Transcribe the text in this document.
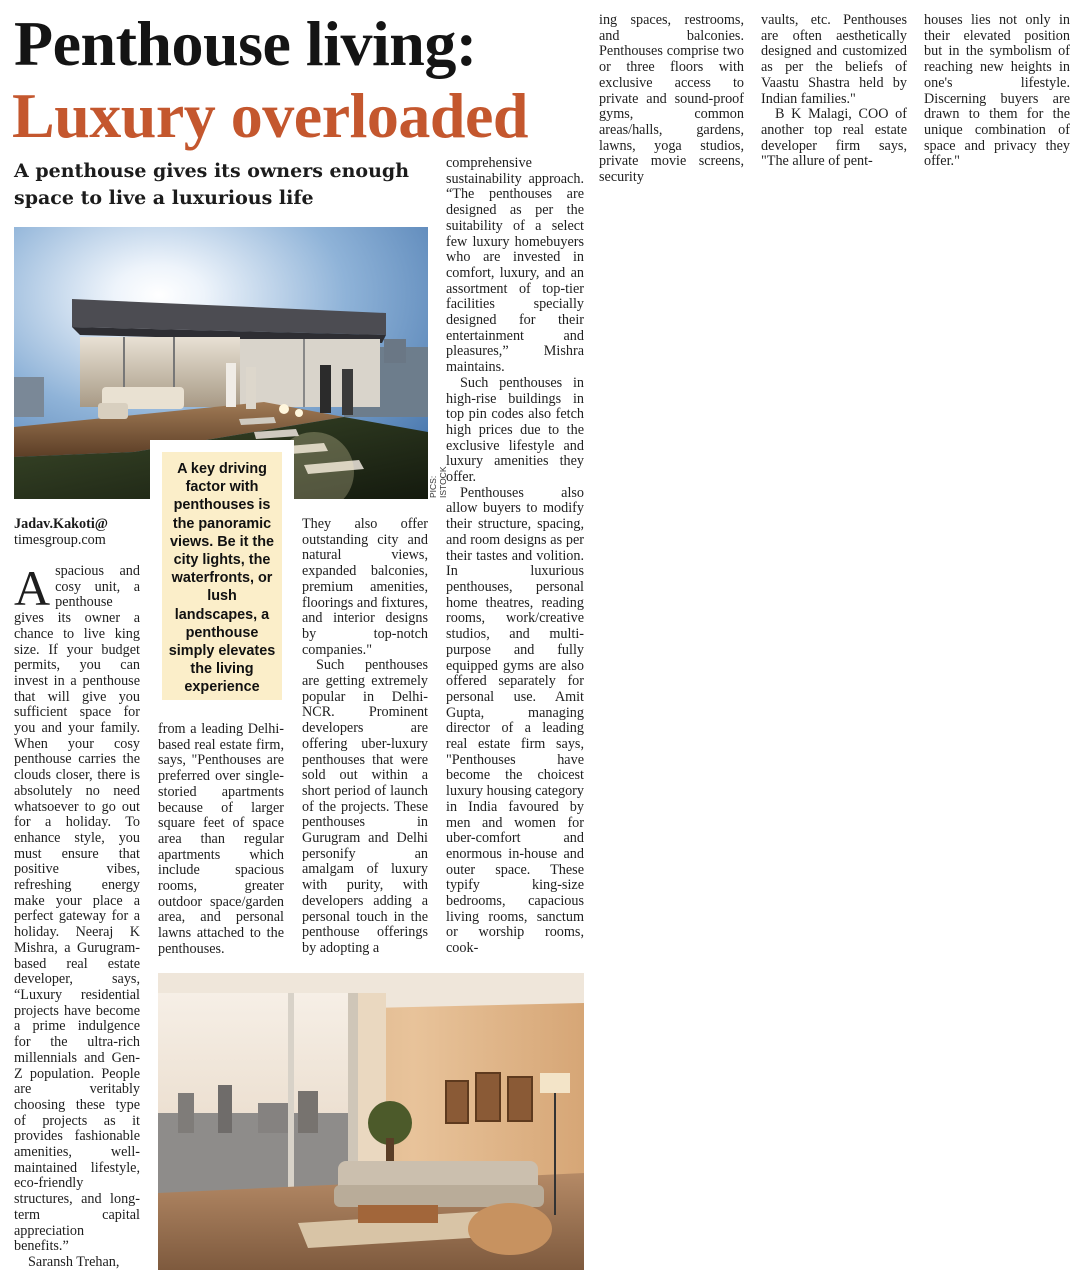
Penthouse living:
Luxury overloaded
A penthouse gives its owners enough space to live a luxurious life
PICS: ISTOCK
A key driving factor with penthouses is the panoramic views. Be it the city lights, the waterfronts, or lush landscapes, a penthouse simply elevates the living experience
Jadav.Kakoti@
timesgroup.com
Aspacious and cosy unit, a penthouse gives its owner a chance to live king size. If your budget permits, you can invest in a penthouse that will give you sufficient space for you and your family. When your cosy penthouse carries the clouds closer, there is absolutely no need whatsoever to go out for a holiday. To enhance style, you must ensure that positive vibes, refreshing energy make your place a perfect gateway for a holiday. Neeraj K Mishra, a Gurugram-based real estate developer, says, “Luxury residential projects have become a prime indulgence for the ultra-rich millennials and Gen-Z population. People are veritably choosing these type of projects as it provides fashionable amenities, well-maintained lifestyle, eco-friendly structures, and long-term capital appreciation benefits.”

Saransh Trehan,

from a leading Delhi-based real estate firm, says, "Penthouses are preferred over single-storied apartments because of larger square feet of space area than regular apartments which include spacious rooms, greater outdoor space/garden area, and personal lawns attached to the penthouses.

They also offer outstanding city and natural views, expanded balconies, premium amenities, floorings and fixtures, and interior designs by top-notch companies."

Such penthouses are getting extremely popular in Delhi-NCR. Prominent developers are offering uber-luxury penthouses that were sold out within a short period of launch of the projects. These penthouses in Gurugram and Delhi personify an amalgam of luxury with purity, with developers adding a personal touch in the penthouse offerings by adopting a

comprehensive sustainability approach. “The penthouses are designed as per the suitability of a select few luxury homebuyers who are invested in comfort, luxury, and an assortment of top-tier facilities specially designed for their entertainment and pleasures,” Mishra maintains.

Such penthouses in high-rise buildings in top pin codes also fetch high prices due to the exclusive lifestyle and luxury amenities they offer.

Penthouses also allow buyers to modify their structure, spacing, and room designs as per their tastes and volition. In luxurious penthouses, personal home theatres, reading rooms, work/creative studios, and multi-purpose and fully equipped gyms are also offered separately for personal use. Amit Gupta, managing director of a leading real estate firm says, "Penthouses have become the choicest luxury housing category in India favoured by men and women for uber-comfort and enormous in-house and outer space. These typify king-size bedrooms, capacious living rooms, sanctum or worship rooms, cook-

ing spaces, restrooms, and balconies. Penthouses comprise two or three floors with exclusive access to private and sound-proof gyms, common areas/halls, gardens, lawns, yoga studios, private movie screens, security

vaults, etc. Penthouses are often aesthetically designed and customized as per the beliefs of Vaastu Shastra held by Indian families."

B K Malagi, COO of another top real estate developer firm says, "The allure of pent-

houses lies not only in their elevated position but in the symbolism of reaching new heights in one's lifestyle. Discerning buyers are drawn to them for the unique combination of space and privacy they offer."
